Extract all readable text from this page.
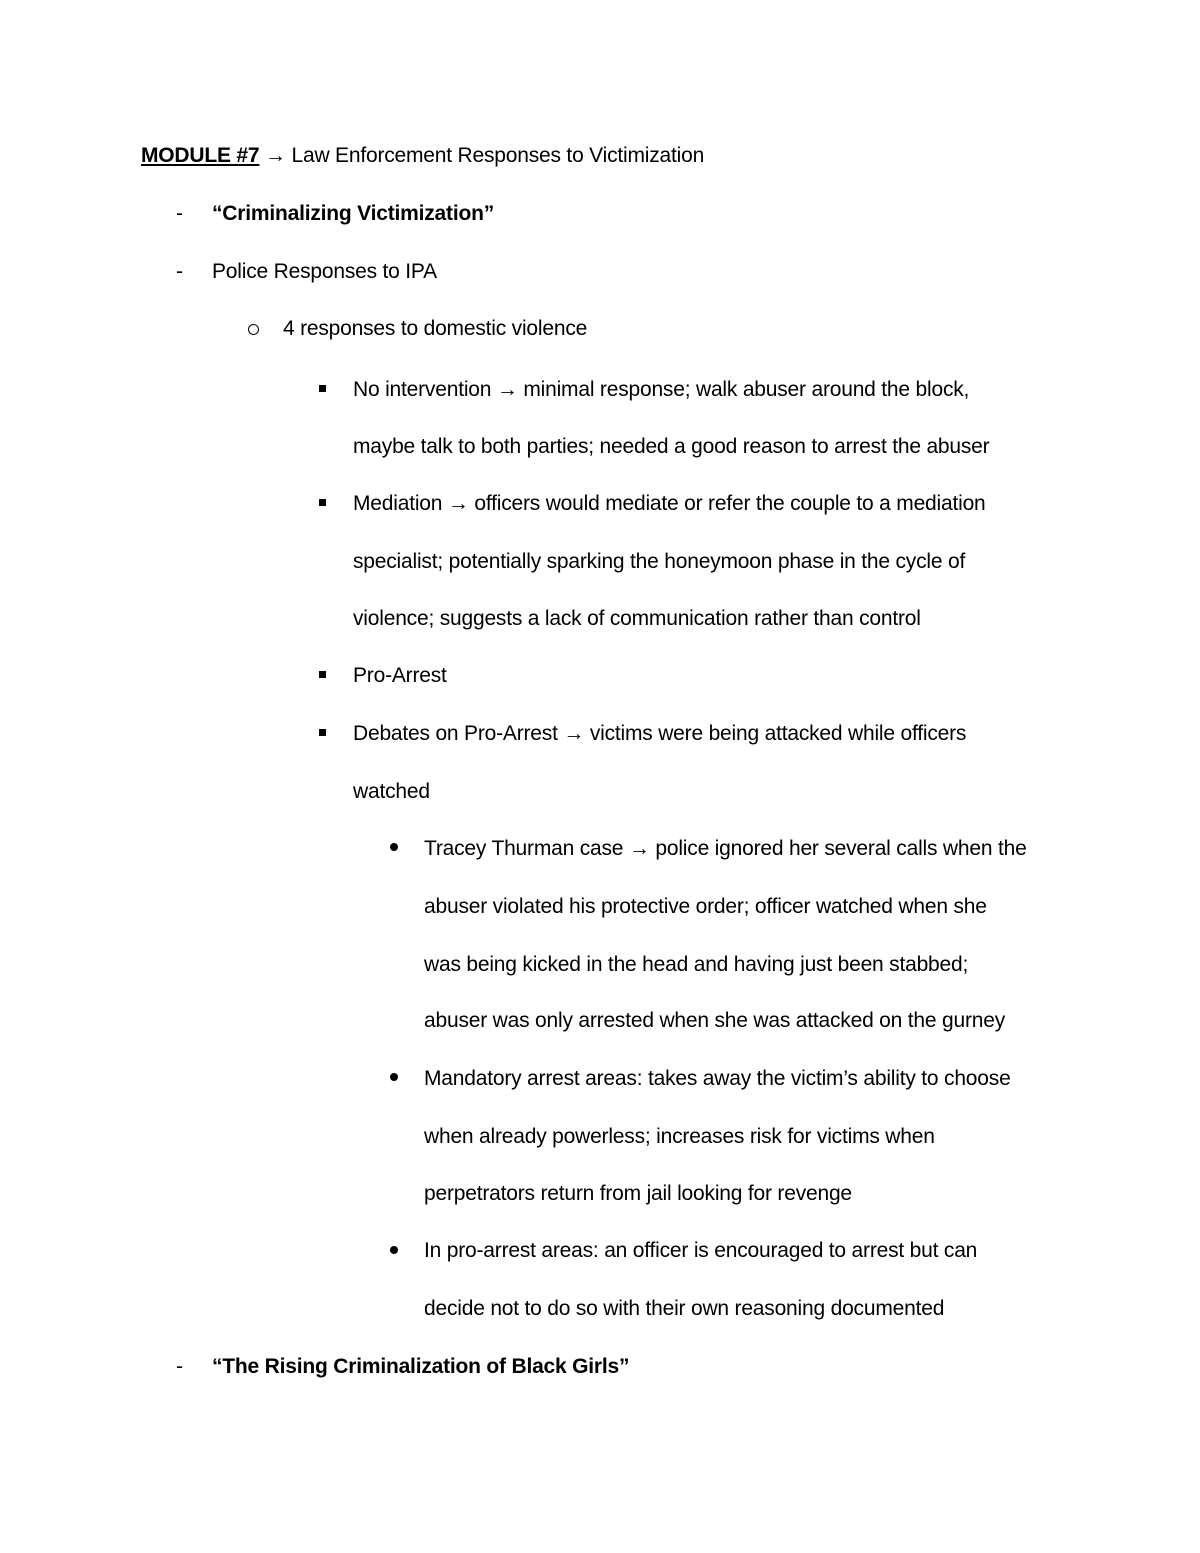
MODULE #7 → Law Enforcement Responses to Victimization
- “Criminalizing Victimization”
- Police Responses to IPA
4 responses to domestic violence
No intervention → minimal response; walk abuser around the block,
maybe talk to both parties; needed a good reason to arrest the abuser
Mediation → officers would mediate or refer the couple to a mediation
specialist; potentially sparking the honeymoon phase in the cycle of
violence; suggests a lack of communication rather than control
Pro-Arrest
Debates on Pro-Arrest → victims were being attacked while officers
watched
Tracey Thurman case → police ignored her several calls when the
abuser violated his protective order; officer watched when she
was being kicked in the head and having just been stabbed;
abuser was only arrested when she was attacked on the gurney
Mandatory arrest areas: takes away the victim’s ability to choose
when already powerless; increases risk for victims when
perpetrators return from jail looking for revenge
In pro-arrest areas: an officer is encouraged to arrest but can
decide not to do so with their own reasoning documented
- “The Rising Criminalization of Black Girls”
